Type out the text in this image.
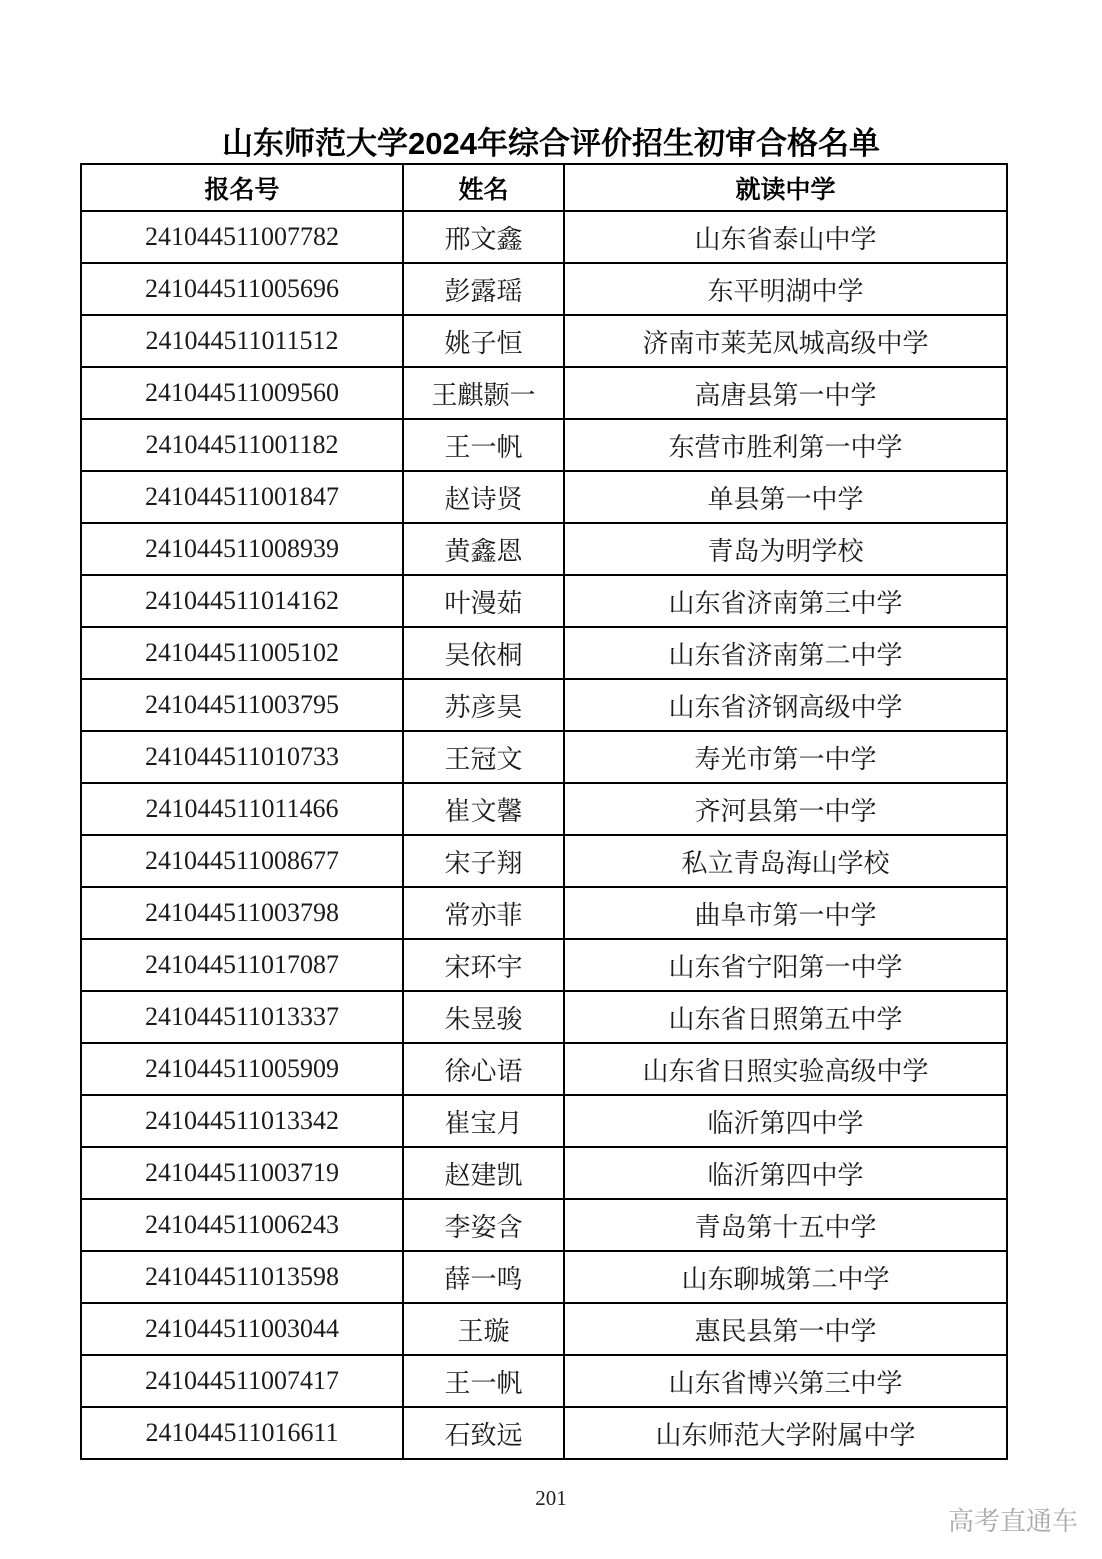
山东师范大学2024年综合评价招生初审合格名单
报名号	姓名	就读中学
241044511007782	邢文鑫	山东省泰山中学
241044511005696	彭露瑶	东平明湖中学
241044511011512	姚子恒	济南市莱芜凤城高级中学
241044511009560	王麒颢一	高唐县第一中学
241044511001182	王一帆	东营市胜利第一中学
241044511001847	赵诗贤	单县第一中学
241044511008939	黄鑫恩	青岛为明学校
241044511014162	叶漫茹	山东省济南第三中学
241044511005102	吴依桐	山东省济南第二中学
241044511003795	苏彦昊	山东省济钢高级中学
241044511010733	王冠文	寿光市第一中学
241044511011466	崔文馨	齐河县第一中学
241044511008677	宋子翔	私立青岛海山学校
241044511003798	常亦菲	曲阜市第一中学
241044511017087	宋环宇	山东省宁阳第一中学
241044511013337	朱昱骏	山东省日照第五中学
241044511005909	徐心语	山东省日照实验高级中学
241044511013342	崔宝月	临沂第四中学
241044511003719	赵建凯	临沂第四中学
241044511006243	李姿含	青岛第十五中学
241044511013598	薛一鸣	山东聊城第二中学
241044511003044	王璇	惠民县第一中学
241044511007417	王一帆	山东省博兴第三中学
241044511016611	石致远	山东师范大学附属中学
201
高考直通车
